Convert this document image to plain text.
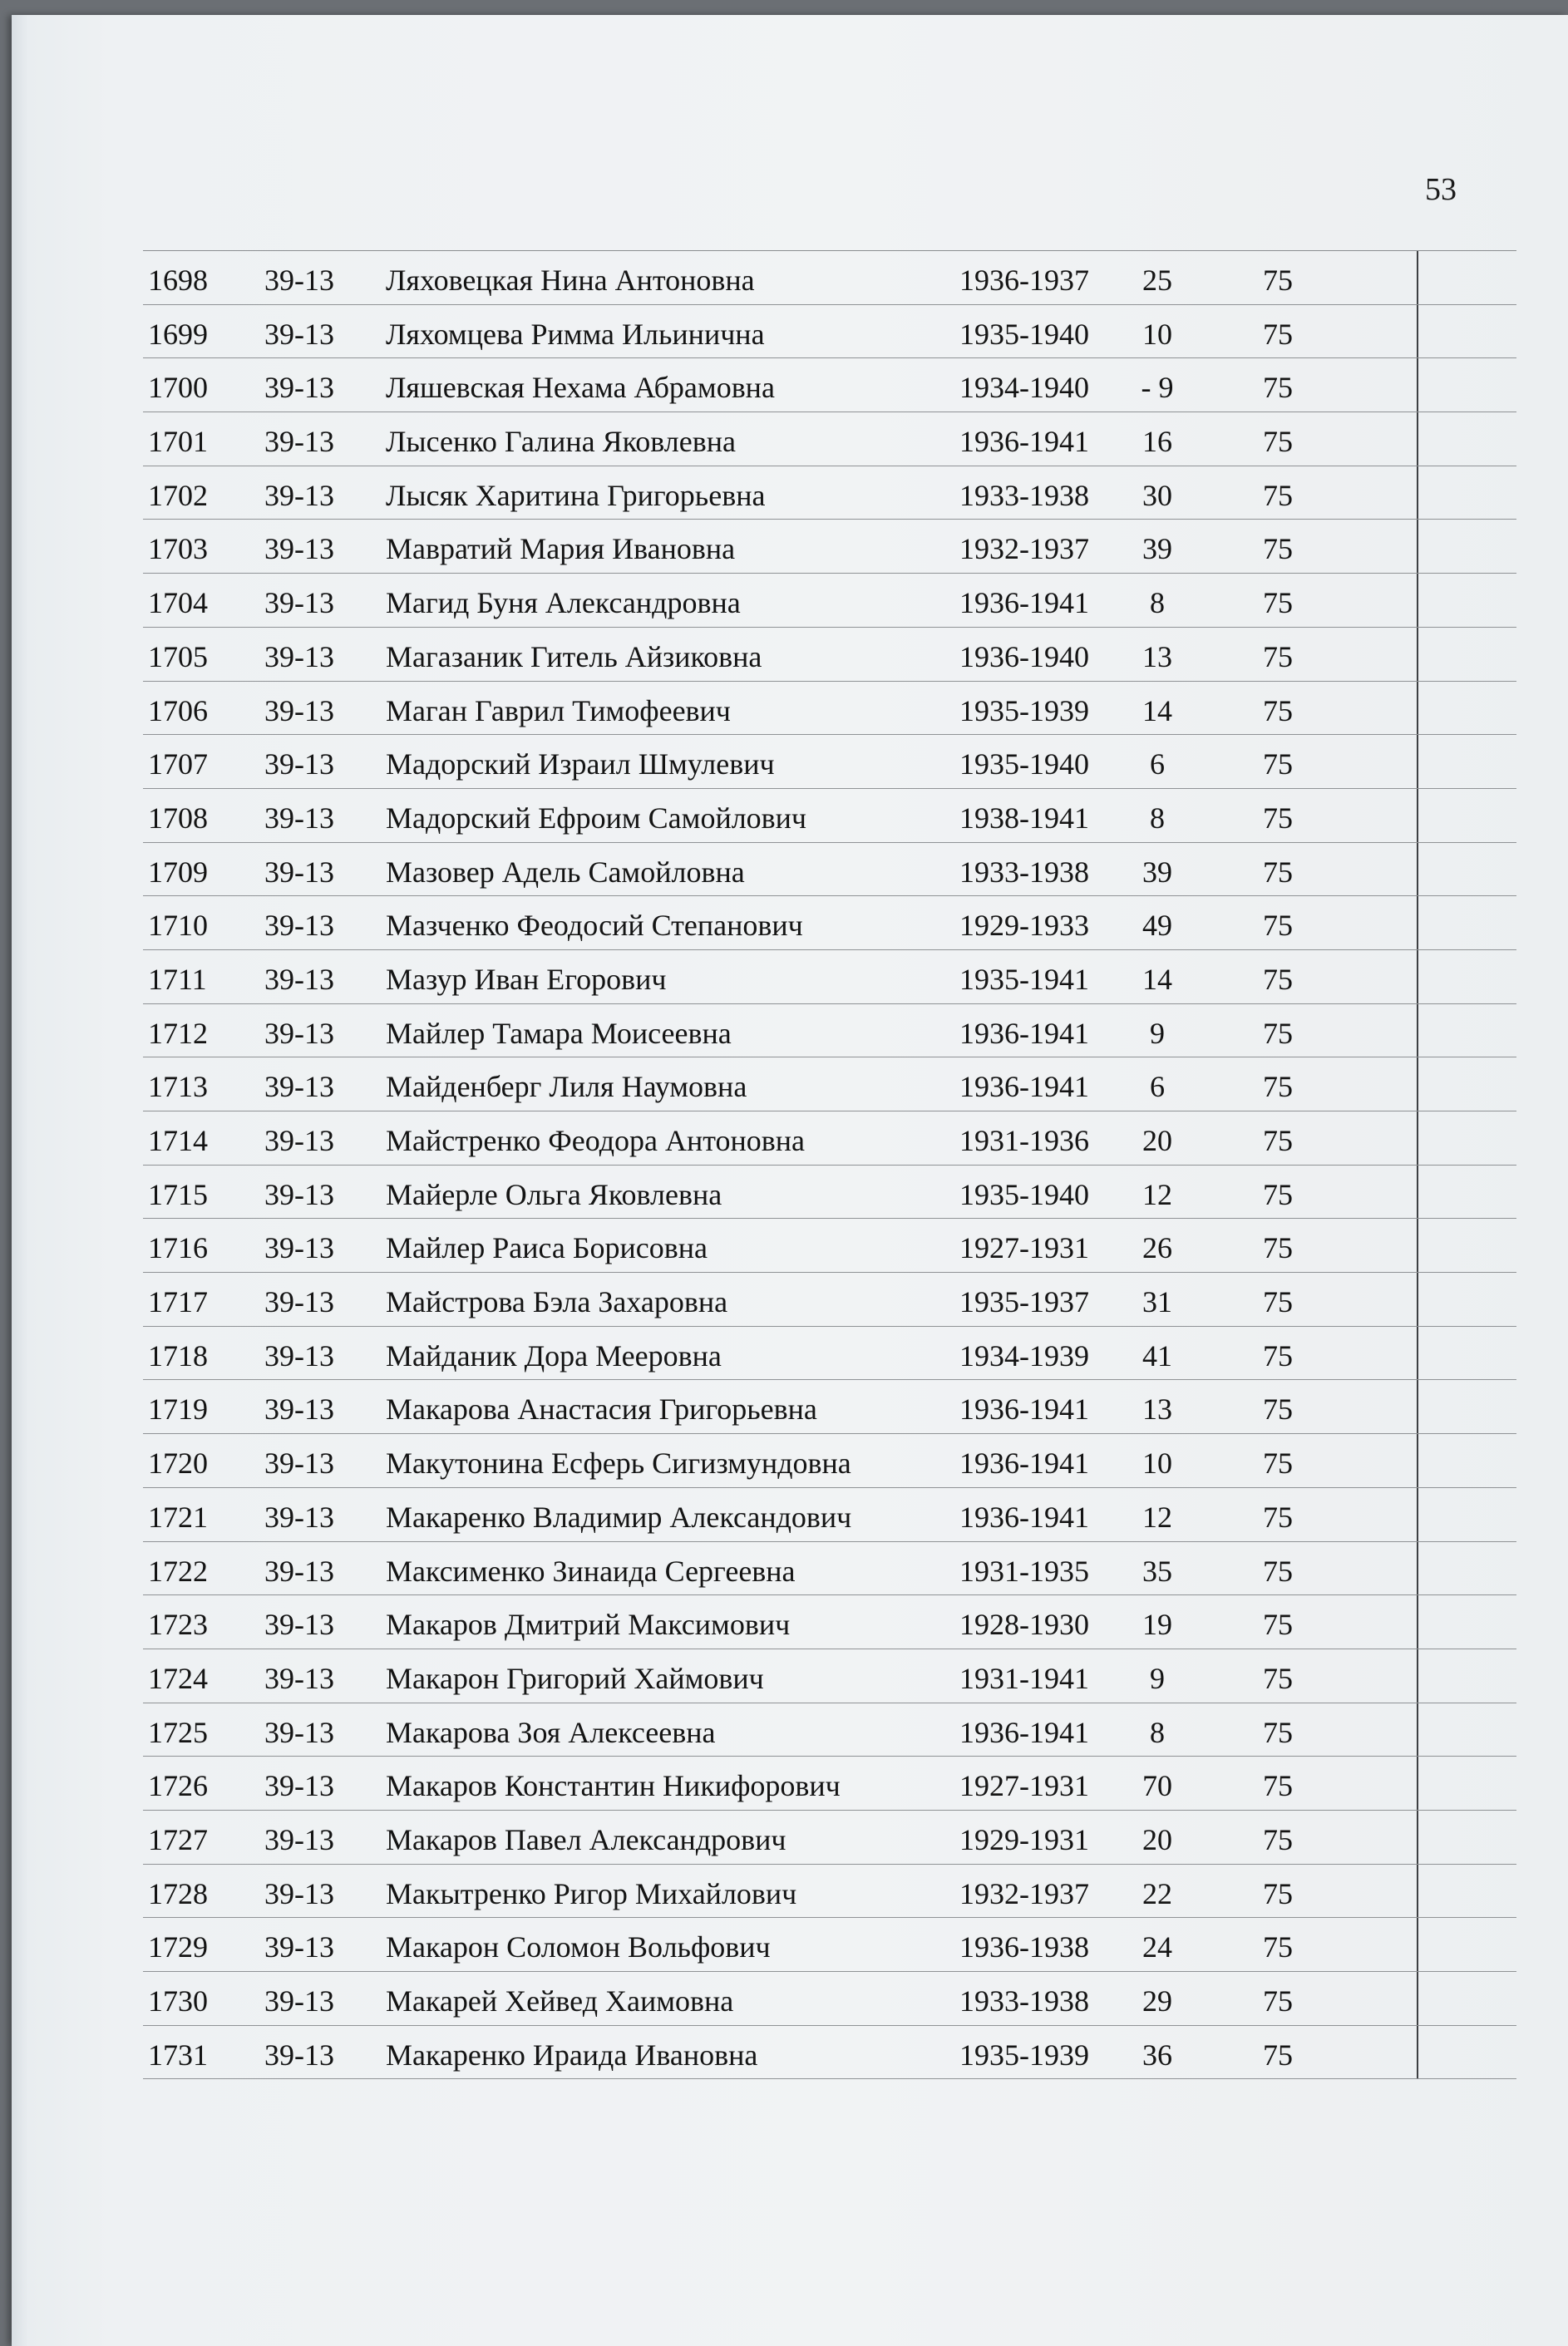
53
1698 39-13 Ляховецкая Нина Антоновна	1936-1937	25	75
1699 39-13 Ляхомцева Римма Ильинична	1935-1940	10	75
1700 39-13 Ляшевская Нехама Абрамовна	1934-1940	- 9	75
1701 39-13 Лысенко Галина Яковлевна	1936-1941	16	75
1702 39-13 Лысяк Харитина Григорьевна	1933-1938	30	75
1703 39-13 Мавратий Мария Ивановна	1932-1937	39	75
1704 39-13 Магид Буня Александровна	1936-1941	8	75
1705 39-13 Магазаник Гитель Айзиковна	1936-1940	13	75
1706 39-13 Маган Гаврил Тимофеевич	1935-1939	14	75
1707 39-13 Мадорский Израил Шмулевич	1935-1940	6	75
1708 39-13 Мадорский Ефроим Самойлович	1938-1941	8	75
1709 39-13 Мазовер Адель Самойловна	1933-1938	39	75
1710 39-13 Мазченко Феодосий Степанович	1929-1933	49	75
1711 39-13 Мазур Иван Егорович	1935-1941	14	75
1712 39-13 Майлер Тамара Моисеевна	1936-1941	9	75
1713 39-13 Майденберг Лиля Наумовна	1936-1941	6	75
1714 39-13 Майстренко Феодора Антоновна	1931-1936	20	75
1715 39-13 Майерле Ольга Яковлевна	1935-1940	12	75
1716 39-13 Майлер Раиса Борисовна	1927-1931	26	75
1717 39-13 Майстрова Бэла Захаровна	1935-1937	31	75
1718 39-13 Майданик Дора Мееровна	1934-1939	41	75
1719 39-13 Макарова Анастасия Григорьевна	1936-1941	13	75
1720 39-13 Макутонина Есферь Сигизмундовна	1936-1941	10	75
1721 39-13 Макаренко Владимир Александович	1936-1941	12	75
1722 39-13 Максименко Зинаида Сергеевна	1931-1935	35	75
1723 39-13 Макаров Дмитрий Максимович	1928-1930	19	75
1724 39-13 Макарон Григорий Хаймович	1931-1941	9	75
1725 39-13 Макарова Зоя Алексеевна	1936-1941	8	75
1726 39-13 Макаров Константин Никифорович	1927-1931	70	75
1727 39-13 Макаров Павел Александрович	1929-1931	20	75
1728 39-13 Макытренко Ригор Михайлович	1932-1937	22	75
1729 39-13 Макарон Соломон Вольфович	1936-1938	24	75
1730 39-13 Макарей Хейвед Хаимовна	1933-1938	29	75
1731 39-13 Макаренко Ираида Ивановна	1935-1939	36	75
